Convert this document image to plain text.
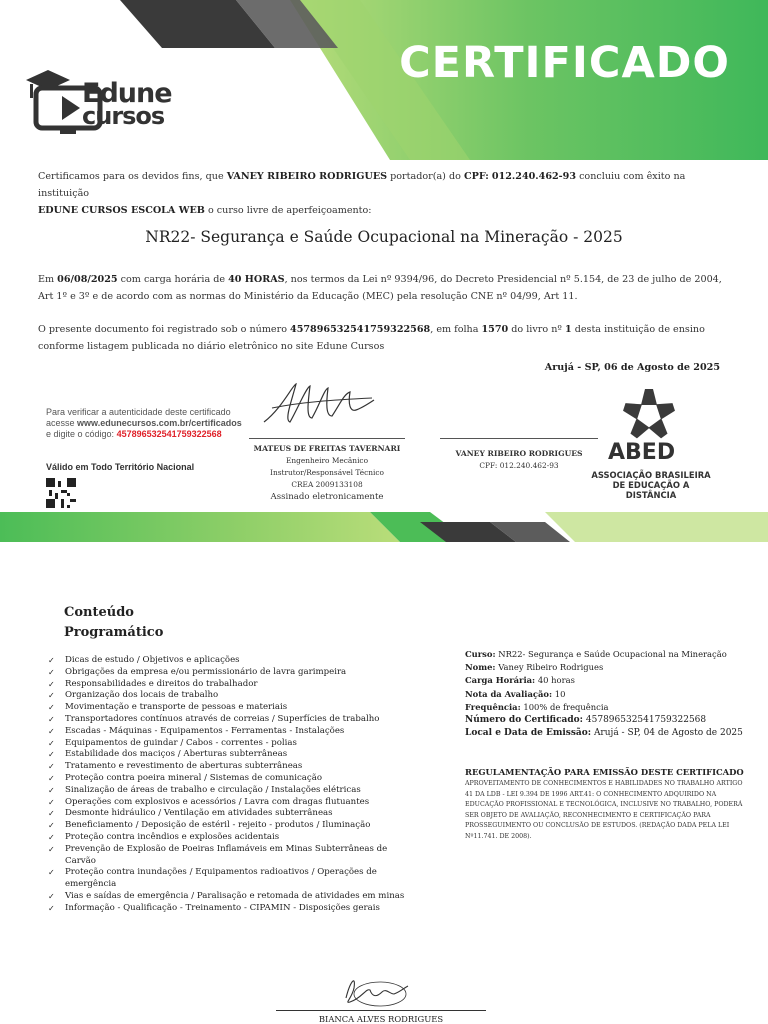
CERTIFICADO
Edune
cursos
Certificamos para os devidos fins, que VANEY RIBEIRO RODRIGUES portador(a) do CPF: 012.240.462-93 concluiu com êxito na instituição
EDUNE CURSOS ESCOLA WEB o curso livre de aperfeiçoamento:
NR22- Segurança e Saúde Ocupacional na Mineração - 2025
Em 06/08/2025 com carga horária de 40 HORAS, nos termos da Lei nº 9394/96, do Decreto Presidencial nº 5.154, de 23 de julho de 2004, Art 1º e 3º e de acordo com as normas do Ministério da Educação (MEC) pela resolução CNE nº 04/99, Art 11.
O presente documento foi registrado sob o número 457896532541759322568, em folha 1570 do livro nº 1 desta instituição de ensino conforme listagem publicada no diário eletrônico no site Edune Cursos
Arujá - SP, 06 de Agosto de 2025
Para verificar a autenticidade deste certificado
acesse www.edunecursos.com.br/certificados
e digite o código: 457896532541759322568
Válido em Todo Território Nacional
MATEUS DE FREITAS TAVERNARI
Engenheiro Mecânico
Instrutor/Responsável Técnico
CREA 2009133108
Assinado eletronicamente
VANEY RIBEIRO RODRIGUES
CPF: 012.240.462-93
ABED
ASSOCIAÇÃO BRASILEIRA
DE EDUCAÇÃO A DISTÂNCIA
Conteúdo
Programático
✓ Dicas de estudo / Objetivos e aplicações
✓ Obrigações da empresa e/ou permissionário de lavra garimpeira
✓ Responsabilidades e direitos do trabalhador
✓ Organização dos locais de trabalho
✓ Movimentação e transporte de pessoas e materiais
✓ Transportadores contínuos através de correias / Superfícies de trabalho
✓ Escadas - Máquinas - Equipamentos - Ferramentas - Instalações
✓ Equipamentos de guindar / Cabos - correntes - polias
✓ Estabilidade dos maciços / Aberturas subterrâneas
✓ Tratamento e revestimento de aberturas subterrâneas
✓ Proteção contra poeira mineral / Sistemas de comunicação
✓ Sinalização de áreas de trabalho e circulação / Instalações elétricas
✓ Operações com explosivos e acessórios / Lavra com dragas flutuantes
✓ Desmonte hidráulico / Ventilação em atividades subterrâneas
✓ Beneficiamento / Deposição de estéril - rejeito - produtos / Iluminação
✓ Proteção contra incêndios e explosões acidentais
✓ Prevenção de Explosão de Poeiras Inflamáveis em Minas Subterrâneas de Carvão
✓ Proteção contra inundações / Equipamentos radioativos / Operações de emergência
✓ Vias e saídas de emergência / Paralisação e retomada de atividades em minas
✓ Informação - Qualificação - Treinamento - CIPAMIN - Disposições gerais
Curso: NR22- Segurança e Saúde Ocupacional na Mineração
Nome: Vaney Ribeiro Rodrigues
Carga Horária: 40 horas
Nota da Avaliação: 10
Frequência: 100% de frequência
Número do Certificado: 457896532541759322568
Local e Data de Emissão: Arujá - SP, 04 de Agosto de 2025
REGULAMENTAÇÃO PARA EMISSÃO DESTE CERTIFICADO
APROVEITAMENTO DE CONHECIMENTOS E HABILIDADES NO TRABALHO ARTIGO 41 DA LDB - LEI 9.394 DE 1996 ART.41: O CONHECIMENTO ADQUIRIDO NA EDUCAÇÃO PROFISSIONAL E TECNOLÓGICA, INCLUSIVE NO TRABALHO, PODERÁ SER OBJETO DE AVALIAÇÃO, RECONHECIMENTO E CERTIFICAÇÃO PARA PROSSEGUIMENTO OU CONCLUSÃO DE ESTUDOS. (REDAÇÃO DADA PELA LEI Nº11.741. DE 2008).
BIANCA ALVES RODRIGUES
